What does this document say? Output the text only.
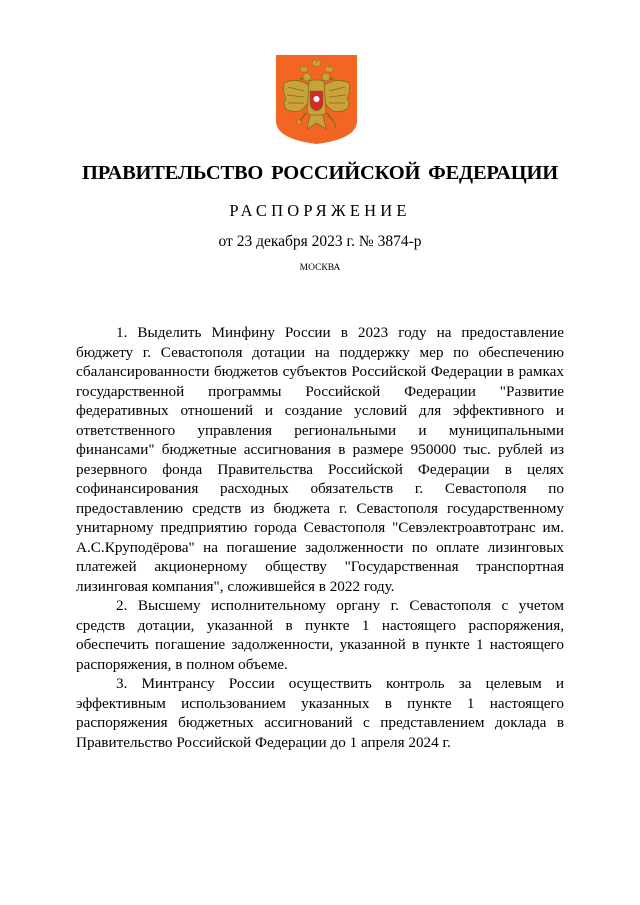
ПРАВИТЕЛЬСТВО РОССИЙСКОЙ ФЕДЕРАЦИИ
РАСПОРЯЖЕНИЕ
от 23 декабря 2023 г. № 3874-р
МОСКВА

1. Выделить Минфину России в 2023 году на предоставление бюджету г. Севастополя дотации на поддержку мер по обеспечению сбалансированности бюджетов субъектов Российской Федерации в рамках государственной программы Российской Федерации "Развитие федеративных отношений и создание условий для эффективного и ответственного управления региональными и муниципальными финансами" бюджетные ассигнования в размере 950000 тыс. рублей из резервного фонда Правительства Российской Федерации в целях софинансирования расходных обязательств г. Севастополя по предоставлению средств из бюджета г. Севастополя государственному унитарному предприятию города Севастополя "Севэлектроавтотранс им. А.С.Круподёрова" на погашение задолженности по оплате лизинговых платежей акционерному обществу "Государственная транспортная лизинговая компания", сложившейся в 2022 году.

2. Высшему исполнительному органу г. Севастополя с учетом средств дотации, указанной в пункте 1 настоящего распоряжения, обеспечить погашение задолженности, указанной в пункте 1 настоящего распоряжения, в полном объеме.

3. Минтрансу России осуществить контроль за целевым и эффективным использованием указанных в пункте 1 настоящего распоряжения бюджетных ассигнований с представлением доклада в Правительство Российской Федерации до 1 апреля 2024 г.
